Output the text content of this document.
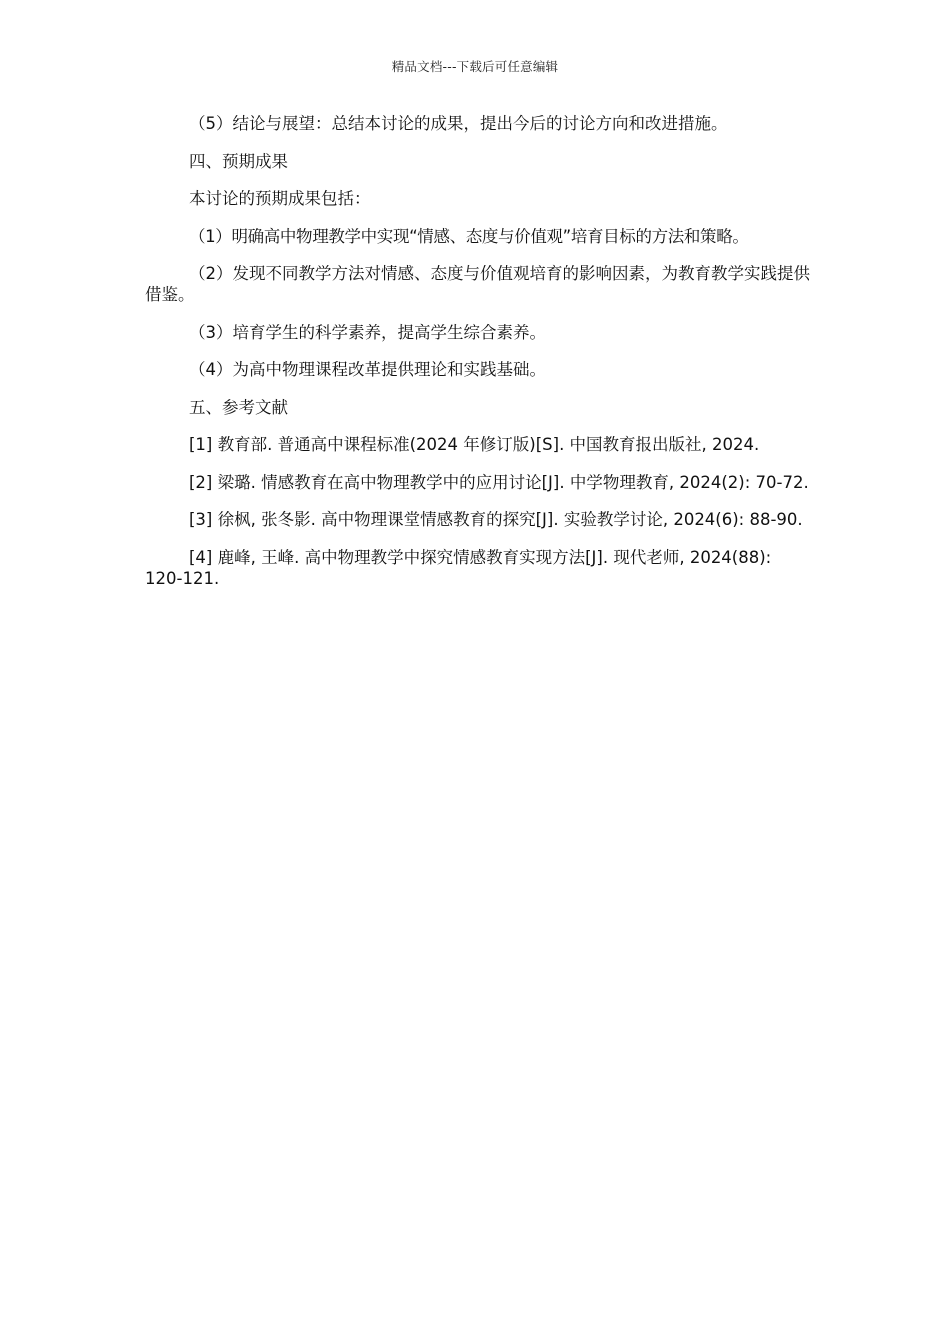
精品文档---下载后可任意编辑

（5）结论与展望：总结本讨论的成果，提出今后的讨论方向和改进措施。

四、预期成果

本讨论的预期成果包括：

（1）明确高中物理教学中实现“情感、态度与价值观”培育目标的方法和策略。

（2）发现不同教学方法对情感、态度与价值观培育的影响因素，为教育教学实践提供借鉴。

（3）培育学生的科学素养，提高学生综合素养。

（4）为高中物理课程改革提供理论和实践基础。

五、参考文献

[1] 教育部. 普通高中课程标准(2024 年修订版)[S]. 中国教育报出版社, 2024.

[2] 梁璐. 情感教育在高中物理教学中的应用讨论[J]. 中学物理教育, 2024(2): 70-72.

[3] 徐枫, 张冬影. 高中物理课堂情感教育的探究[J]. 实验教学讨论, 2024(6): 88-90.

[4] 鹿峰, 王峰. 高中物理教学中探究情感教育实现方法[J]. 现代老师, 2024(88): 120-121.
